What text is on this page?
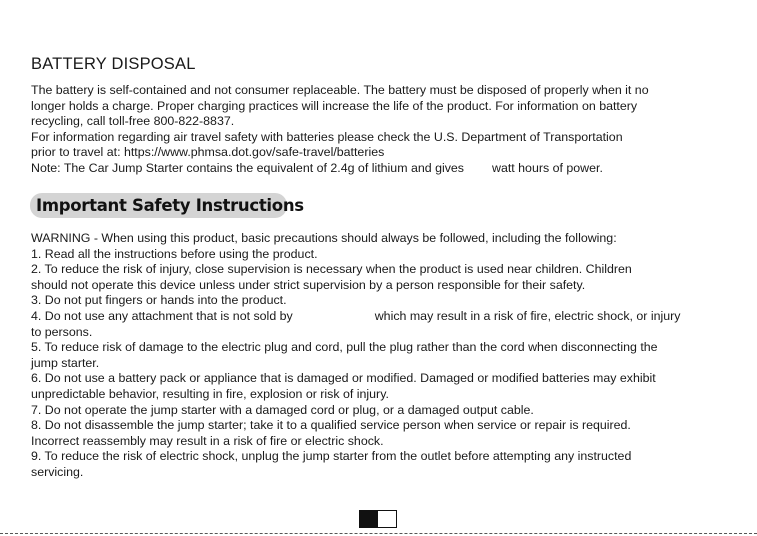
BATTERY DISPOSAL
The battery is self-contained and not consumer replaceable. The battery must be disposed of properly when it no
longer holds a charge. Proper charging practices will increase the life of the product. For information on battery
recycling, call toll-free 800-822-8837.
For information regarding air travel safety with batteries please check the U.S. Department of Transportation
prior to travel at: https://www.phmsa.dot.gov/safe-travel/batteries
Note: The Car Jump Starter contains the equivalent of 2.4g of lithium and gives watt hours of power.
Important Safety Instructions
WARNING - When using this product, basic precautions should always be followed, including the following:
1. Read all the instructions before using the product.
2. To reduce the risk of injury, close supervision is necessary when the product is used near children. Children
should not operate this device unless under strict supervision by a person responsible for their safety.
3. Do not put fingers or hands into the product.
4. Do not use any attachment that is not sold by	which may result in a risk of fire, electric shock, or injury
to persons.
5. To reduce risk of damage to the electric plug and cord, pull the plug rather than the cord when disconnecting the
jump starter.
6. Do not use a battery pack or appliance that is damaged or modified. Damaged or modified batteries may exhibit
unpredictable behavior, resulting in fire, explosion or risk of injury.
7. Do not operate the jump starter with a damaged cord or plug, or a damaged output cable.
8. Do not disassemble the jump starter; take it to a qualified service person when service or repair is required.
Incorrect reassembly may result in a risk of fire or electric shock.
9. To reduce the risk of electric shock, unplug the jump starter from the outlet before attempting any instructed
servicing.
